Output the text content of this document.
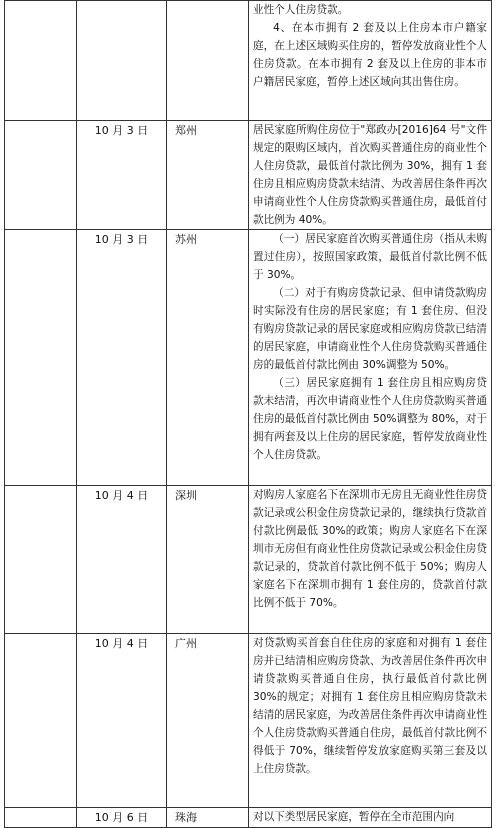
			业性个人住房贷款。

4、在本市拥有 2 套及以上住房本市户籍家庭，在上述区域购买住房的，暂停发放商业性个人住房贷款。在本市拥有 2 套及以上住房的非本市户籍居民家庭，暂停上述区域向其出售住房。

	10 月 3 日	郑州	居民家庭所购住房位于"郑政办[2016]64 号"文件规定的限购区域内，首次购买普通住房的商业性个人住房贷款，最低首付款比例为 30%，拥有 1 套住房且相应购房贷款未结清、为改善居住条件再次申请商业性个人住房贷款购买普通住房，最低首付款比例为 40%。

	10 月 3 日	苏州	（一）居民家庭首次购买普通住房（指从未购置过住房），按照国家政策，最低首付款比例不低于 30%。

（二）对于有购房贷款记录、但申请贷款购房时实际没有住房的居民家庭；有 1 套住房、但没有购房贷款记录的居民家庭或相应购房贷款已结清的居民家庭，申请商业性个人住房贷款购买普通住房的最低首付款比例由 30%调整为 50%。

（三）居民家庭拥有 1 套住房且相应购房贷款未结清，再次申请商业性个人住房贷款购买普通住房的最低首付款比例由 50%调整为 80%，对于拥有两套及以上住房的居民家庭，暂停发放商业性个人住房贷款。

	10 月 4 日	深圳	对购房人家庭名下在深圳市无房且无商业性住房贷款记录或公积金住房贷款记录的，继续执行贷款首付款比例最低 30%的政策；购房人家庭名下在深圳市无房但有商业性住房贷款记录或公积金住房贷款记录的，贷款首付款比例不低于 50%；购房人家庭名下在深圳市拥有 1 套住房的，贷款首付款比例不低于 70%。

	10 月 4 日	广州	对贷款购买首套自住住房的家庭和对拥有 1 套住房并已结清相应购房贷款、为改善居住条件再次申请贷款购买普通自住房，执行最低首付款比例 30%的规定；对拥有 1 套住房且相应购房贷款未结清的居民家庭，为改善居住条件再次申请商业性个人住房贷款购买普通自住房，最低首付款比例不得低于 70%，继续暂停发放家庭购买第三套及以上住房贷款。

	10 月 6 日	珠海	对以下类型居民家庭，暂停在全市范围内向
